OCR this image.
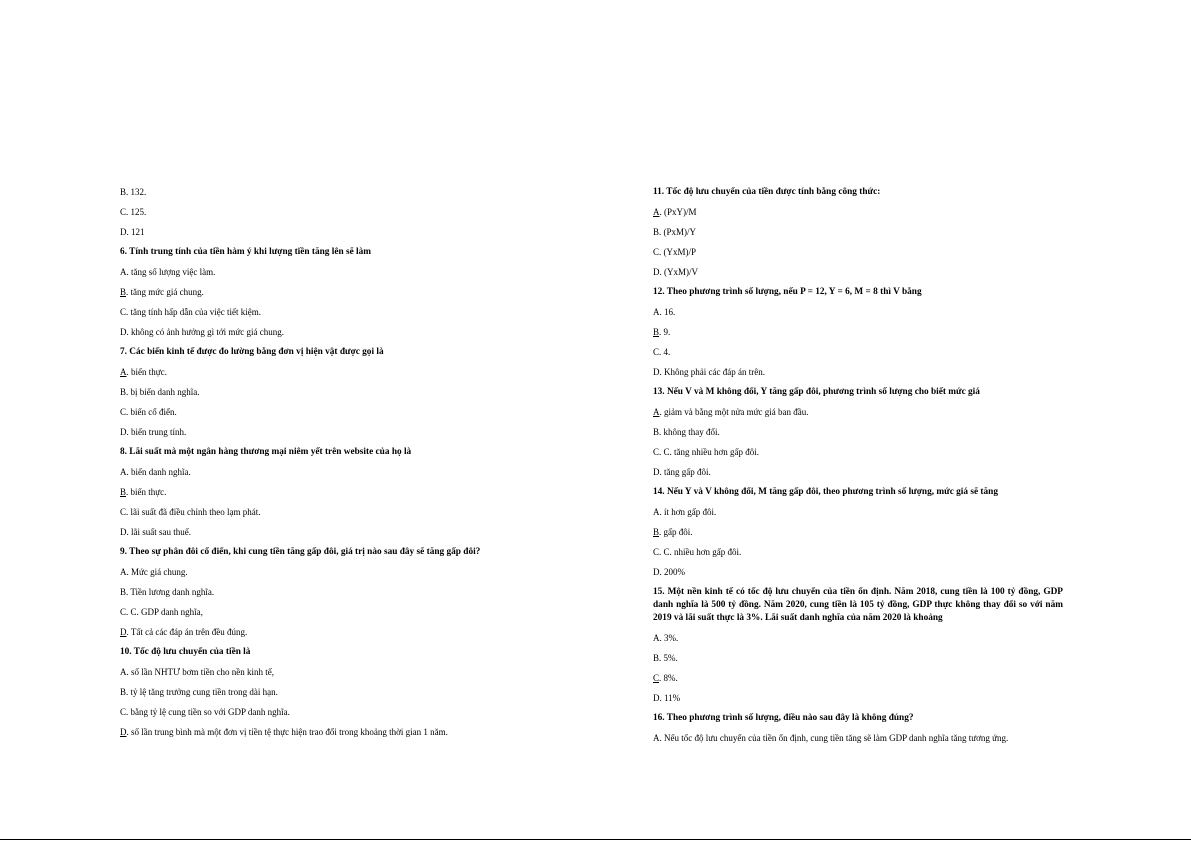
B. 132.
C. 125.
D. 121
6. Tính trung tính của tiền hàm ý khi lượng tiền tăng lên sẽ làm
A. tăng số lượng việc làm.
B. tăng mức giá chung.
C. tăng tính hấp dẫn của việc tiết kiệm.
D. không có ảnh hưởng gì tới mức giá chung.
7. Các biến kinh tế được đo lường bằng đơn vị hiện vật được gọi là
A. biến thực.
B. bị biến danh nghĩa.
C. biến cổ điển.
D. biến trung tính.
8. Lãi suất mà một ngân hàng thương mại niêm yết trên website của họ là
A. biến danh nghĩa.
B. biến thực.
C. lãi suất đã điều chỉnh theo lạm phát.
D. lãi suất sau thuế.
9. Theo sự phân đôi cổ điển, khi cung tiền tăng gấp đôi, giá trị nào sau đây sẽ tăng gấp đôi?
A. Mức giá chung.
B. Tiền lương danh nghĩa.
C. C. GDP danh nghĩa,
D. Tất cả các đáp án trên đều đúng.
10. Tốc độ lưu chuyển của tiền là
A. số lần NHTƯ bơm tiền cho nền kinh tế,
B. tỷ lệ tăng trưởng cung tiền trong dài hạn.
C. bằng tỷ lệ cung tiền so với GDP danh nghĩa.
D. số lần trung bình mà một đơn vị tiền tệ thực hiện trao đổi trong khoảng thời gian 1 năm.
11. Tốc độ lưu chuyển của tiền được tính bằng công thức:
A. (PxY)/M
B. (PxM)/Y
C. (YxM)/P
D. (YxM)/V
12. Theo phương trình số lượng, nếu P = 12, Y = 6, M = 8 thì V bằng
A. 16.
B. 9.
C. 4.
D. Không phải các đáp án trên.
13. Nếu V và M không đổi, Y tăng gấp đôi, phương trình số lượng cho biết mức giá
A. giảm và bằng một nửa mức giá ban đầu.
B. không thay đổi.
C. C. tăng nhiều hơn gấp đôi.
D. tăng gấp đôi.
14. Nếu Y và V không đổi, M tăng gấp đôi, theo phương trình số lượng, mức giá sẽ tăng
A. ít hơn gấp đôi.
B. gấp đôi.
C. C. nhiều hơn gấp đôi.
D. 200%
15. Một nền kinh tế có tốc độ lưu chuyển của tiền ổn định. Năm 2018, cung tiền là 100 tỷ đồng, GDP danh nghĩa là 500 tỷ đồng. Năm 2020, cung tiền là 105 tỷ đồng, GDP thực không thay đổi so với năm 2019 và lãi suất thực là 3%. Lãi suất danh nghĩa của năm 2020 là khoảng
A. 3%.
B. 5%.
C. 8%.
D. 11%
16. Theo phương trình số lượng, điều nào sau đây là không đúng?
A. Nếu tốc độ lưu chuyển của tiền ổn định, cung tiền tăng sẽ làm GDP danh nghĩa tăng tương ứng.
